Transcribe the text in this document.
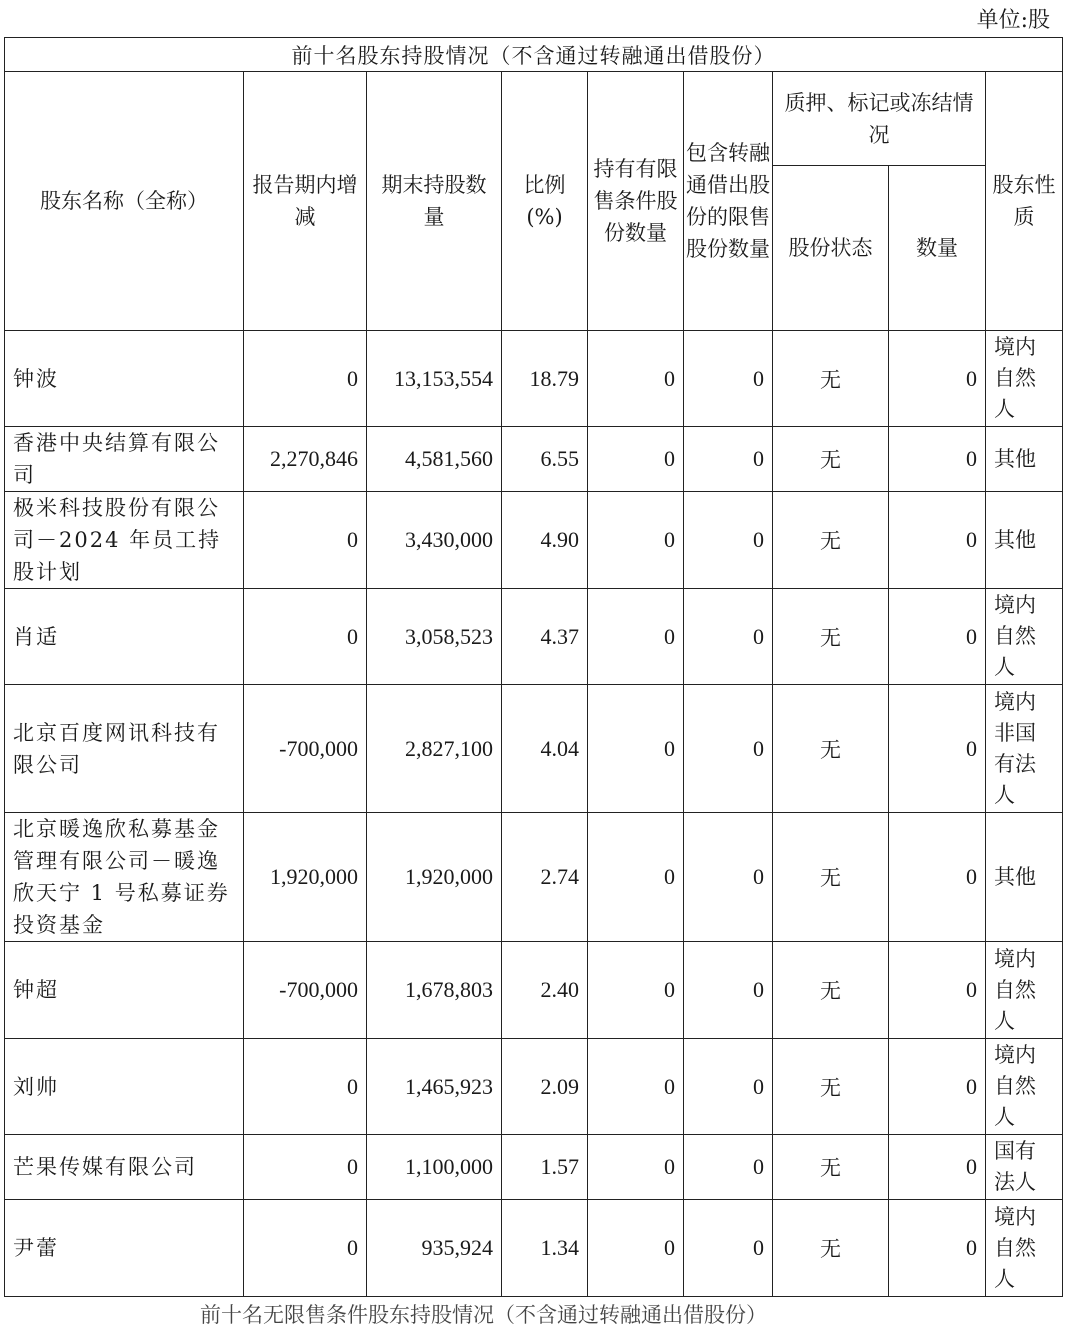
单位:股
前十名股东持股情况（不含通过转融通出借股份）								
股东名称（全称）	报告期内增减	期末持股数量	比例(%)	持有有限售条件股份数量	包含转融通借出股份的限售股份数量	质押、标记或冻结情况		股东性质
						股份状态	数量	
钟波	0	13,153,554	18.79	0	0	无	0	境内自然人
香港中央结算有限公司	2,270,846	4,581,560	6.55	0	0	无	0	其他
极米科技股份有限公司－2024 年员工持股计划	0	3,430,000	4.90	0	0	无	0	其他
肖适	0	3,058,523	4.37	0	0	无	0	境内自然人
北京百度网讯科技有限公司	-700,000	2,827,100	4.04	0	0	无	0	境内非国有法人
北京暖逸欣私募基金管理有限公司－暖逸欣天宁 1 号私募证券投资基金	1,920,000	1,920,000	2.74	0	0	无	0	其他
钟超	-700,000	1,678,803	2.40	0	0	无	0	境内自然人
刘帅	0	1,465,923	2.09	0	0	无	0	境内自然人
芒果传媒有限公司	0	1,100,000	1.57	0	0	无	0	国有法人
尹蕾	0	935,924	1.34	0	0	无	0	境内自然人
前十名无限售条件股东持股情况（不含通过转融通出借股份）
